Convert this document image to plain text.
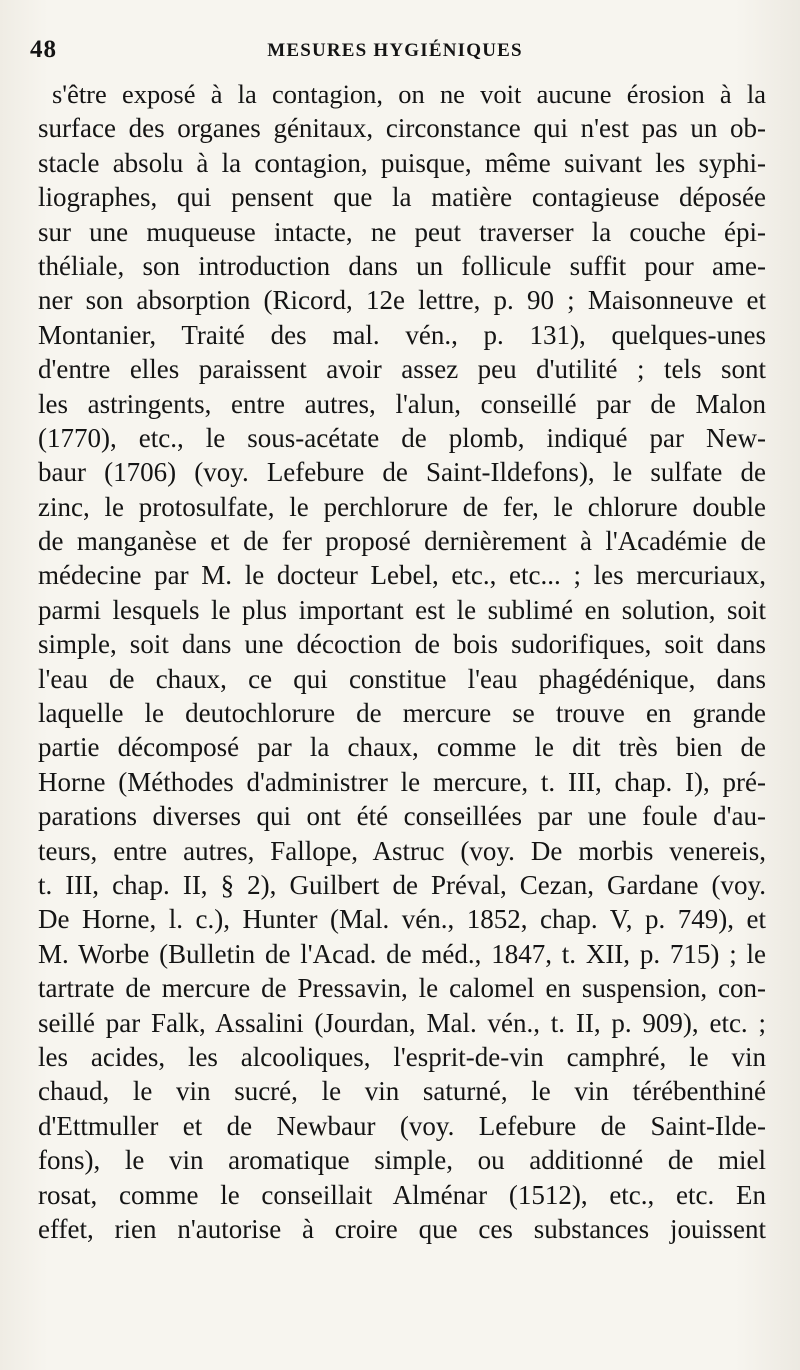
48	MESURES HYGIÉNIQUES
s'être exposé à la contagion, on ne voit aucune érosion à la
surface des organes génitaux, circonstance qui n'est pas un ob-
stacle absolu à la contagion, puisque, même suivant les syphi-
liographes, qui pensent que la matière contagieuse déposée
sur une muqueuse intacte, ne peut traverser la couche épi-
théliale, son introduction dans un follicule suffit pour ame-
ner son absorption (Ricord, 12e lettre, p. 90 ; Maisonneuve et
Montanier, Traité des mal. vén., p. 131), quelques-unes
d'entre elles paraissent avoir assez peu d'utilité ; tels sont
les astringents, entre autres, l'alun, conseillé par de Malon
(1770), etc., le sous-acétate de plomb, indiqué par New-
baur (1706) (voy. Lefebure de Saint-Ildefons), le sulfate de
zinc, le protosulfate, le perchlorure de fer, le chlorure double
de manganèse et de fer proposé dernièrement à l'Académie de
médecine par M. le docteur Lebel, etc., etc... ; les mercuriaux,
parmi lesquels le plus important est le sublimé en solution, soit
simple, soit dans une décoction de bois sudorifiques, soit dans
l'eau de chaux, ce qui constitue l'eau phagédénique, dans
laquelle le deutochlorure de mercure se trouve en grande
partie décomposé par la chaux, comme le dit très bien de
Horne (Méthodes d'administrer le mercure, t. III, chap. I), pré-
parations diverses qui ont été conseillées par une foule d'au-
teurs, entre autres, Fallope, Astruc (voy. De morbis venereis,
t. III, chap. II, § 2), Guilbert de Préval, Cezan, Gardane (voy.
De Horne, l. c.), Hunter (Mal. vén., 1852, chap. V, p. 749), et
M. Worbe (Bulletin de l'Acad. de méd., 1847, t. XII, p. 715) ; le
tartrate de mercure de Pressavin, le calomel en suspension, con-
seillé par Falk, Assalini (Jourdan, Mal. vén., t. II, p. 909), etc. ;
les acides, les alcooliques, l'esprit-de-vin camphré, le vin
chaud, le vin sucré, le vin saturné, le vin térébenthiné
d'Ettmuller et de Newbaur (voy. Lefebure de Saint-Ilde-
fons), le vin aromatique simple, ou additionné de miel
rosat, comme le conseillait Alménar (1512), etc., etc. En
effet, rien n'autorise à croire que ces substances jouissent
